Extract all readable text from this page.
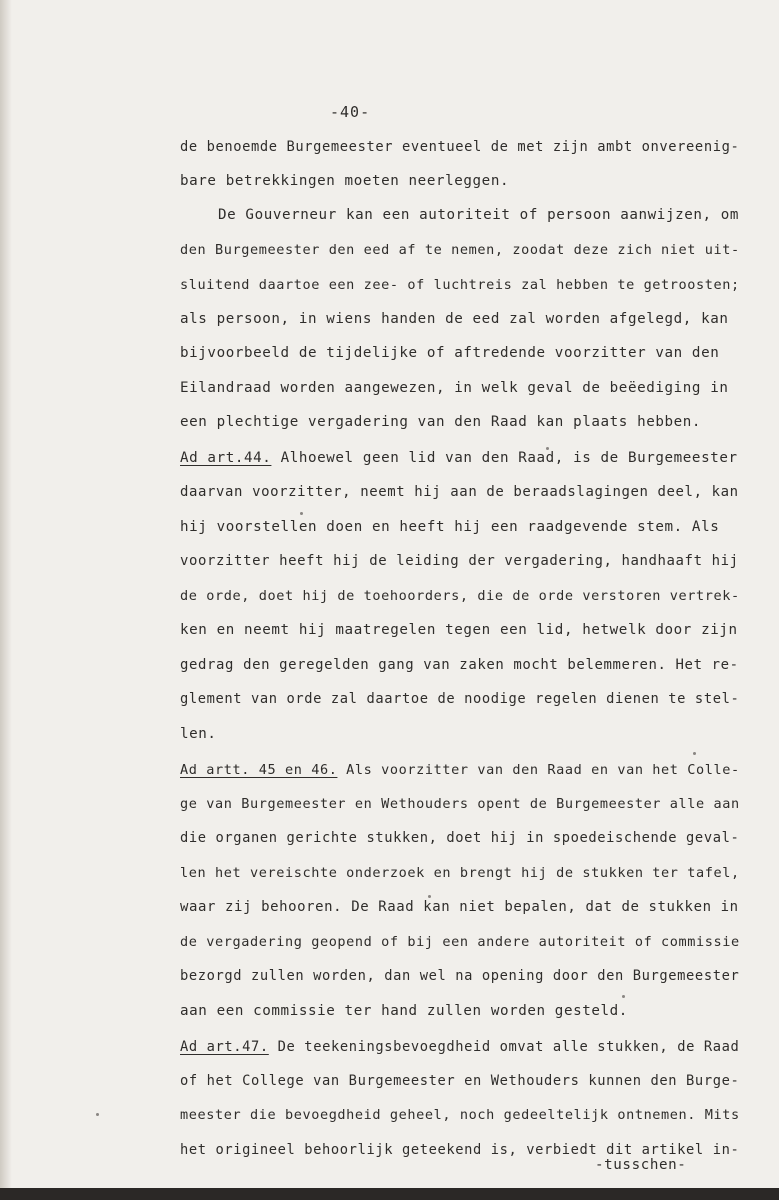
-40-
de benoemde Burgemeester eventueel de met zijn ambt onvereenig-
bare betrekkingen moeten neerleggen.
De Gouverneur kan een autoriteit of persoon aanwijzen, om
den Burgemeester den eed af te nemen, zoodat deze zich niet uit-
sluitend daartoe een zee- of luchtreis zal hebben te getroosten;
als persoon, in wiens handen de eed zal worden afgelegd, kan
bijvoorbeeld de tijdelijke of aftredende voorzitter van den
Eilandraad worden aangewezen, in welk geval de beëediging in
een plechtige vergadering van den Raad kan plaats hebben.
Ad art.44. Alhoewel geen lid van den Raad, is de Burgemeester
daarvan voorzitter, neemt hij aan de beraadslagingen deel, kan
hij voorstellen doen en heeft hij een raadgevende stem. Als
voorzitter heeft hij de leiding der vergadering, handhaaft hij
de orde, doet hij de toehoorders, die de orde verstoren vertrek-
ken en neemt hij maatregelen tegen een lid, hetwelk door zijn
gedrag den geregelden gang van zaken mocht belemmeren. Het re-
glement van orde zal daartoe de noodige regelen dienen te stel-
len.
Ad artt. 45 en 46. Als voorzitter van den Raad en van het Colle-
ge van Burgemeester en Wethouders opent de Burgemeester alle aan
die organen gerichte stukken, doet hij in spoedeischende geval-
len het vereischte onderzoek en brengt hij de stukken ter tafel,
waar zij behooren. De Raad kan niet bepalen, dat de stukken in
de vergadering geopend of bij een andere autoriteit of commissie
bezorgd zullen worden, dan wel na opening door den Burgemeester
aan een commissie ter hand zullen worden gesteld.
Ad art.47. De teekeningsbevoegdheid omvat alle stukken, de Raad
of het College van Burgemeester en Wethouders kunnen den Burge-
meester die bevoegdheid geheel, noch gedeeltelijk ontnemen. Mits
het origineel behoorlijk geteekend is, verbiedt dit artikel in-
-tusschen-
